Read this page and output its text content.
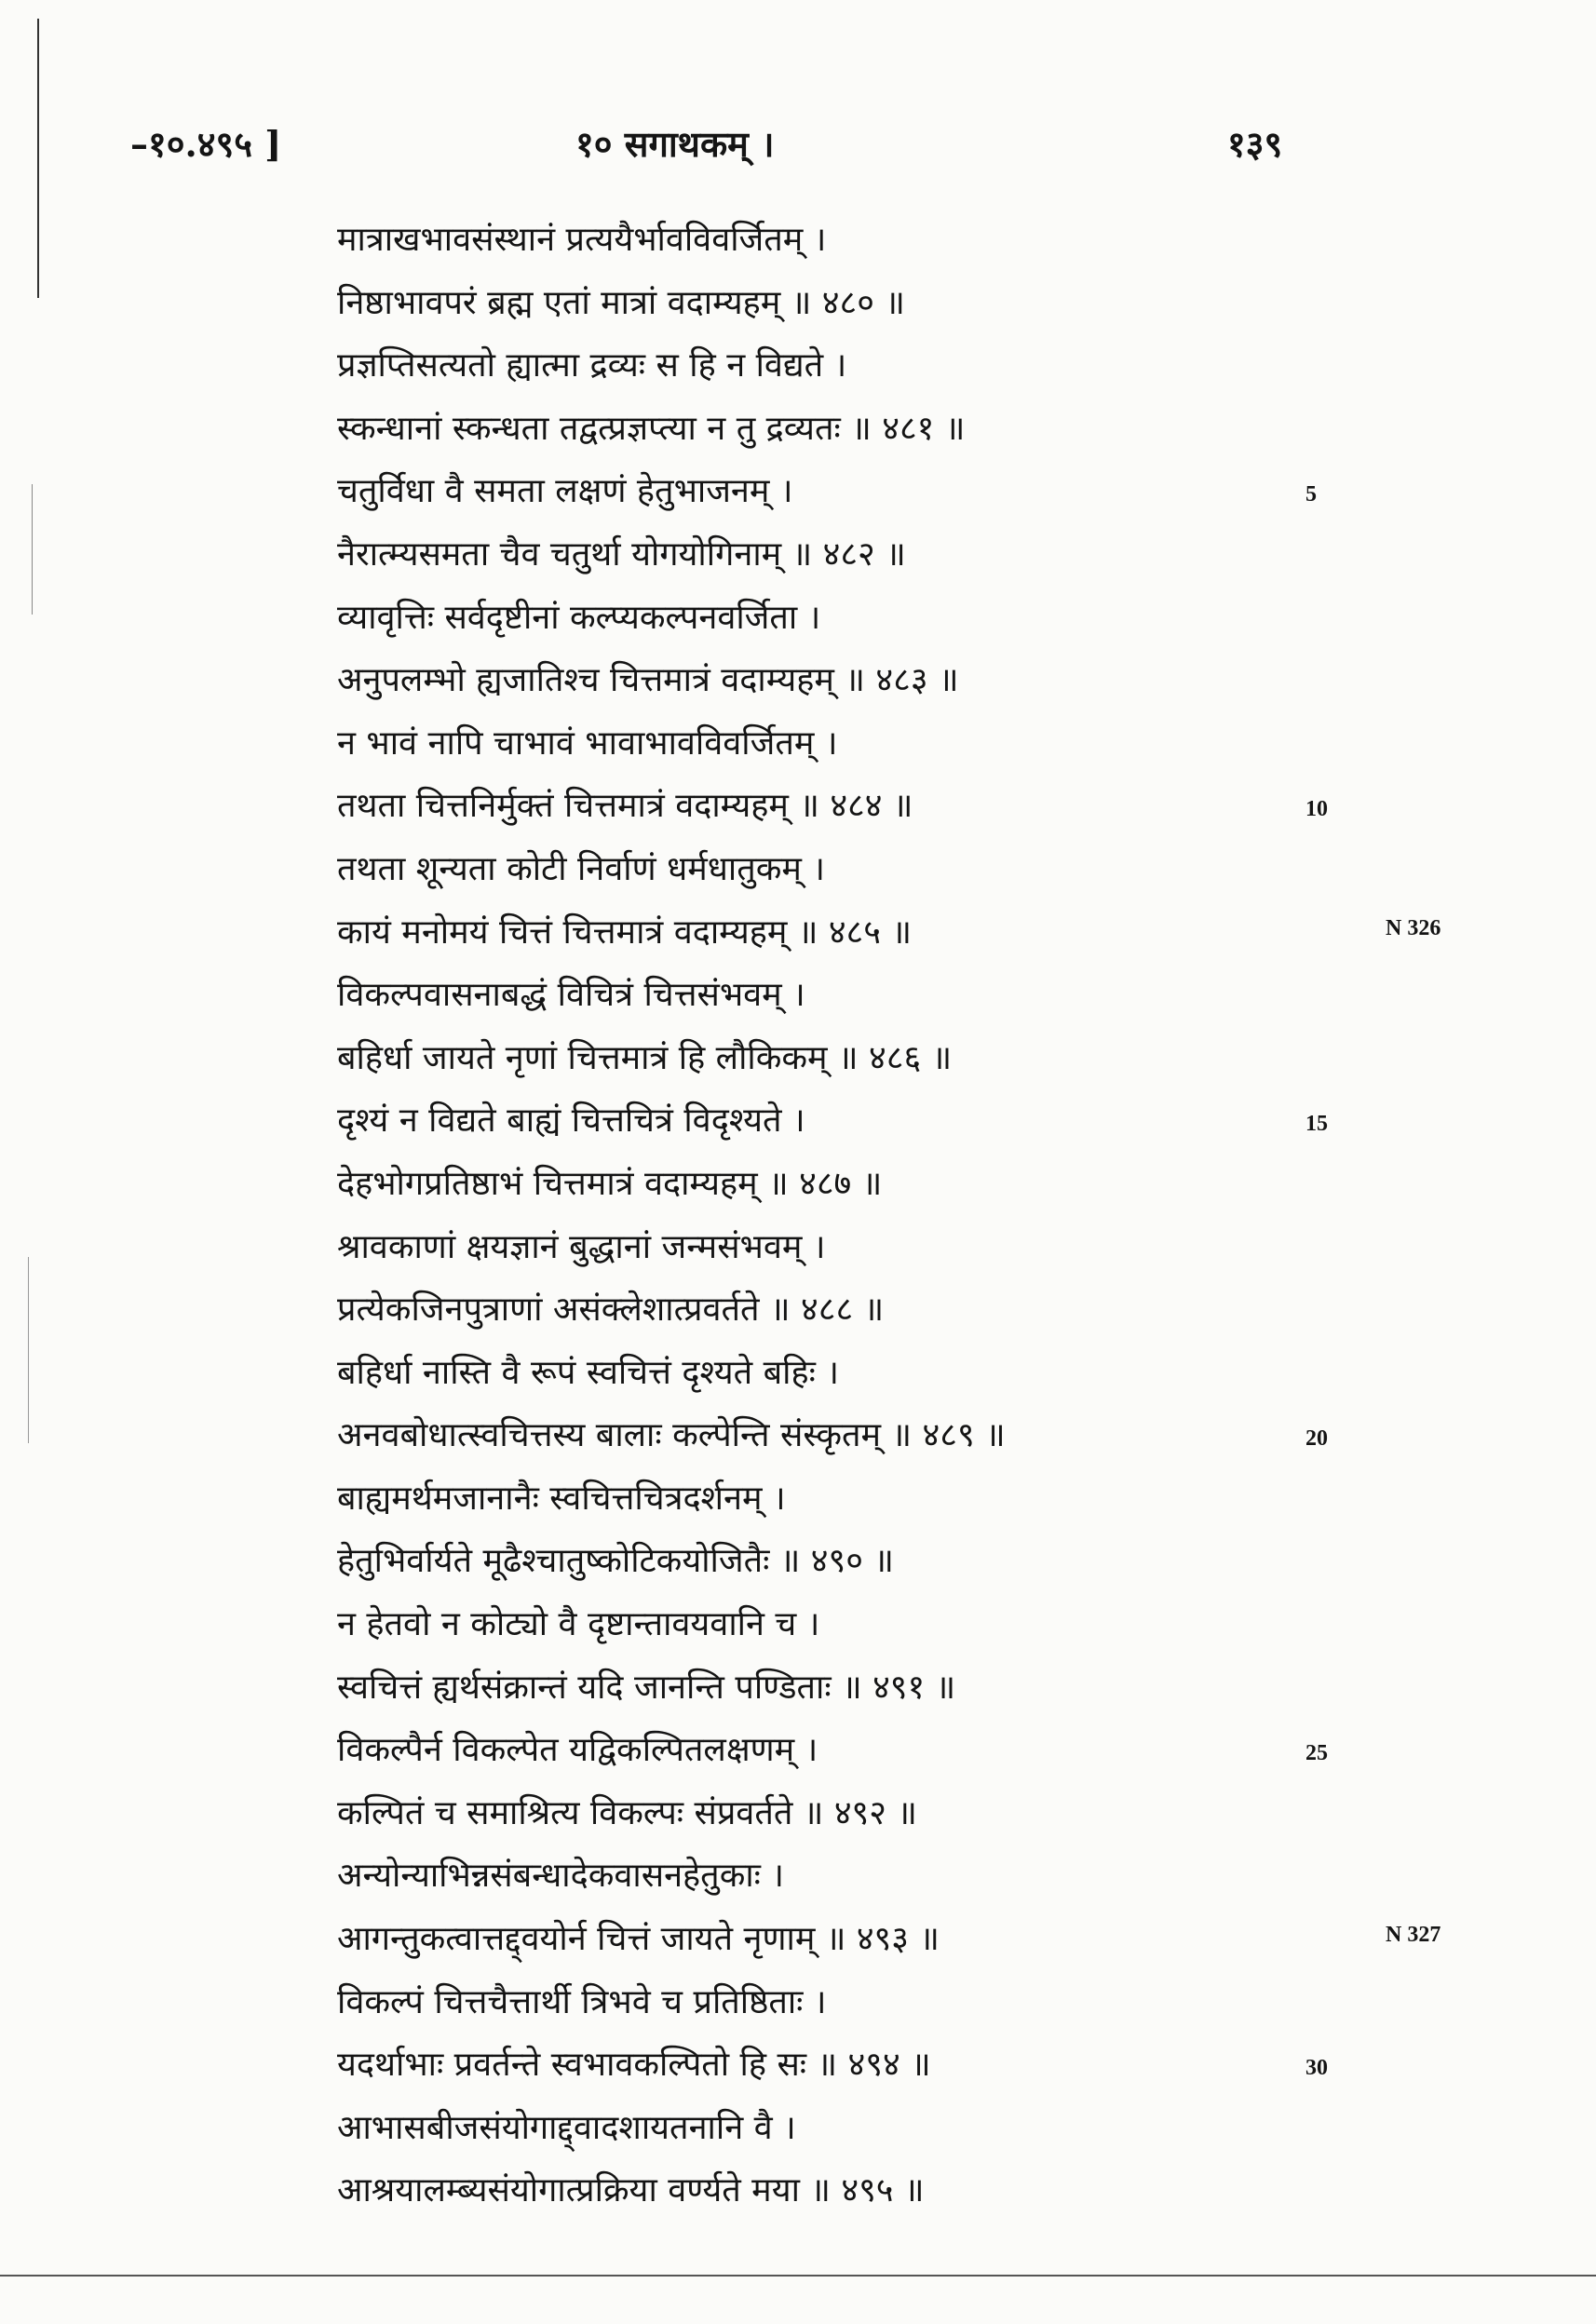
–१०.४९५ ]	१० सगाथकम् ।	१३९
मात्राखभावसंस्थानं प्रत्ययैर्भावविवर्जितम् ।
निष्ठाभावपरं ब्रह्म एतां मात्रां वदाम्यहम् ॥ ४८० ॥
प्रज्ञप्तिसत्यतो ह्यात्मा द्रव्यः स हि न विद्यते ।
स्कन्धानां स्कन्धता तद्वत्प्रज्ञप्त्या न तु द्रव्यतः ॥ ४८१ ॥
चतुर्विधा वै समता लक्षणं हेतुभाजनम् ।
नैरात्म्यसमता चैव चतुर्था योगयोगिनाम् ॥ ४८२ ॥
व्यावृत्तिः सर्वदृष्टीनां कल्प्यकल्पनवर्जिता ।
अनुपलम्भो ह्यजातिश्च चित्तमात्रं वदाम्यहम् ॥ ४८३ ॥
न भावं नापि चाभावं भावाभावविवर्जितम् ।
तथता चित्तनिर्मुक्तं चित्तमात्रं वदाम्यहम् ॥ ४८४ ॥
तथता शून्यता कोटी निर्वाणं धर्मधातुकम् ।
कायं मनोमयं चित्तं चित्तमात्रं वदाम्यहम् ॥ ४८५ ॥
विकल्पवासनाबद्धं विचित्रं चित्तसंभवम् ।
बहिर्धा जायते नृणां चित्तमात्रं हि लौकिकम् ॥ ४८६ ॥
दृश्यं न विद्यते बाह्यं चित्तचित्रं विदृश्यते ।
देहभोगप्रतिष्ठाभं चित्तमात्रं वदाम्यहम् ॥ ४८७ ॥
श्रावकाणां क्षयज्ञानं बुद्धानां जन्मसंभवम् ।
प्रत्येकजिनपुत्राणां असंक्लेशात्प्रवर्तते ॥ ४८८ ॥
बहिर्धा नास्ति वै रूपं स्वचित्तं दृश्यते बहिः ।
अनवबोधात्स्वचित्तस्य बालाः कल्पेन्ति संस्कृतम् ॥ ४८९ ॥
बाह्यमर्थमजानानैः स्वचित्तचित्रदर्शनम् ।
हेतुभिर्वार्यते मूढैश्चातुष्कोटिकयोजितैः ॥ ४९० ॥
न हेतवो न कोट्यो वै दृष्टान्तावयवानि च ।
स्वचित्तं ह्यर्थसंक्रान्तं यदि जानन्ति पण्डिताः ॥ ४९१ ॥
विकल्पैर्न विकल्पेत यद्विकल्पितलक्षणम् ।
कल्पितं च समाश्रित्य विकल्पः संप्रवर्तते ॥ ४९२ ॥
अन्योन्याभिन्नसंबन्धादेकवासनहेतुकाः ।
आगन्तुकत्वात्तद्द्वयोर्न चित्तं जायते नृणाम् ॥ ४९३ ॥
विकल्पं चित्तचैत्तार्थी त्रिभवे च प्रतिष्ठिताः ।
यदर्थाभाः प्रवर्तन्ते स्वभावकल्पितो हि सः ॥ ४९४ ॥
आभासबीजसंयोगाद्द्वादशायतनानि वै ।
आश्रयालम्ब्यसंयोगात्प्रक्रिया वर्ण्यते मया ॥ ४९५ ॥
5
10
15
20
25
30
N 326
N 327
